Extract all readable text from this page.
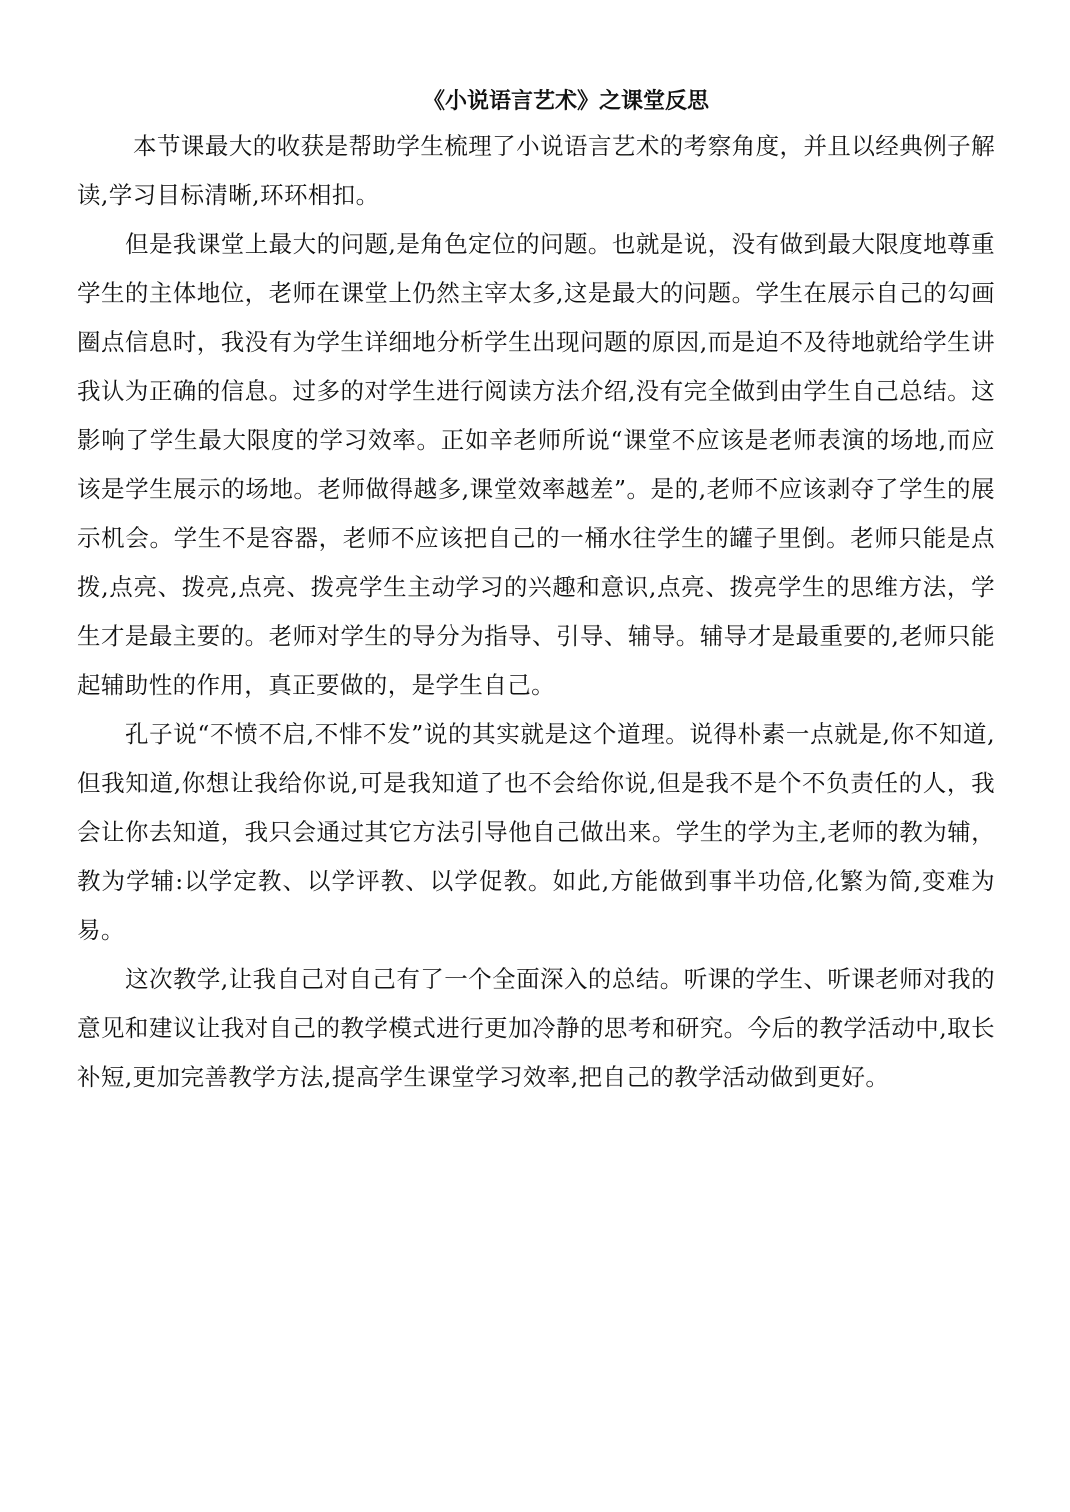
《小说语言艺术》之课堂反思

本节课最大的收获是帮助学生梳理了小说语言艺术的考察角度，并且以经典例子解读,学习目标清晰,环环相扣。

但是我课堂上最大的问题,是角色定位的问题。也就是说，没有做到最大限度地尊重学生的主体地位，老师在课堂上仍然主宰太多,这是最大的问题。学生在展示自己的勾画圈点信息时，我没有为学生详细地分析学生出现问题的原因,而是迫不及待地就给学生讲我认为正确的信息。过多的对学生进行阅读方法介绍,没有完全做到由学生自己总结。这影响了学生最大限度的学习效率。正如辛老师所说“课堂不应该是老师表演的场地,而应该是学生展示的场地。老师做得越多,课堂效率越差”。是的,老师不应该剥夺了学生的展示机会。学生不是容器，老师不应该把自己的一桶水往学生的罐子里倒。老师只能是点拨,点亮、拨亮,点亮、拨亮学生主动学习的兴趣和意识,点亮、拨亮学生的思维方法，学生才是最主要的。老师对学生的导分为指导、引导、辅导。辅导才是最重要的,老师只能起辅助性的作用，真正要做的，是学生自己。

孔子说“不愤不启,不悱不发”说的其实就是这个道理。说得朴素一点就是,你不知道,但我知道,你想让我给你说,可是我知道了也不会给你说,但是我不是个不负责任的人，我会让你去知道，我只会通过其它方法引导他自己做出来。学生的学为主,老师的教为辅，教为学辅:以学定教、以学评教、以学促教。如此,方能做到事半功倍,化繁为简,变难为易。

这次教学,让我自己对自己有了一个全面深入的总结。听课的学生、听课老师对我的意见和建议让我对自己的教学模式进行更加冷静的思考和研究。今后的教学活动中,取长补短,更加完善教学方法,提高学生课堂学习效率,把自己的教学活动做到更好。
